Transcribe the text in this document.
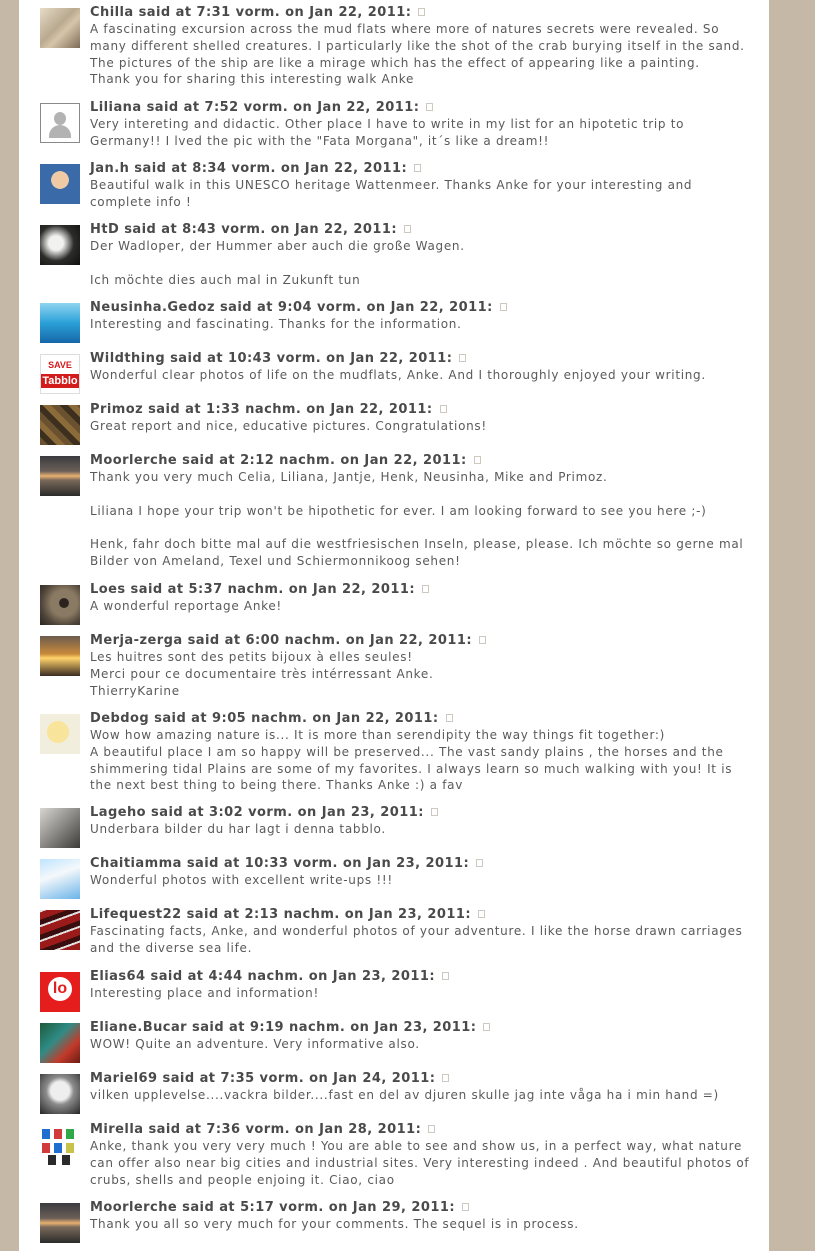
Chilla said at 7:31 vorm. on Jan 22, 2011:

A fascinating excursion across the mud flats where more of natures secrets were revealed. So many different shelled creatures. I particularly like the shot of the crab burying itself in the sand. The pictures of the ship are like a mirage which has the effect of appearing like a painting.

Thank you for sharing this interesting walk Anke

Liliana said at 7:52 vorm. on Jan 22, 2011:

Very intereting and didactic. Other place I have to write in my list for an hipotetic trip to Germany!! I lved the pic with the "Fata Morgana", it´s like a dream!!

Jan.h said at 8:34 vorm. on Jan 22, 2011:

Beautiful walk in this UNESCO heritage Wattenmeer. Thanks Anke for your interesting and complete info !

HtD said at 8:43 vorm. on Jan 22, 2011:

Der Wadloper, der Hummer aber auch die große Wagen.

Ich möchte dies auch mal in Zukunft tun

Neusinha.Gedoz said at 9:04 vorm. on Jan 22, 2011:

Interesting and fascinating. Thanks for the information.

SAVE
Tabblo
Wildthing said at 10:43 vorm. on Jan 22, 2011:

Wonderful clear photos of life on the mudflats, Anke. And I thoroughly enjoyed your writing.

Primoz said at 1:33 nachm. on Jan 22, 2011:

Great report and nice, educative pictures. Congratulations!

Moorlerche said at 2:12 nachm. on Jan 22, 2011:

Thank you very much Celia, Liliana, Jantje, Henk, Neusinha, Mike and Primoz.

Liliana I hope your trip won't be hipothetic for ever. I am looking forward to see you here ;-)

Henk, fahr doch bitte mal auf die westfriesischen Inseln, please, please. Ich möchte so gerne mal Bilder von Ameland, Texel und Schiermonnikoog sehen!

Loes said at 5:37 nachm. on Jan 22, 2011:

A wonderful reportage Anke!

Merja-zerga said at 6:00 nachm. on Jan 22, 2011:

Les huitres sont des petits bijoux à elles seules!

Merci pour ce documentaire très intérressant Anke.

ThierryKarine

Debdog said at 9:05 nachm. on Jan 22, 2011:

Wow how amazing nature is... It is more than serendipity the way things fit together:)

A beautiful place I am so happy will be preserved... The vast sandy plains , the horses and the shimmering tidal Plains are some of my favorites. I always learn so much walking with you! It is the next best thing to being there. Thanks Anke :) a fav

Lageho said at 3:02 vorm. on Jan 23, 2011:

Underbara bilder du har lagt i denna tabblo.

Chaitiamma said at 10:33 vorm. on Jan 23, 2011:

Wonderful photos with excellent write-ups !!!

Lifequest22 said at 2:13 nachm. on Jan 23, 2011:

Fascinating facts, Anke, and wonderful photos of your adventure. I like the horse drawn carriages and the diverse sea life.

lo
Elias64 said at 4:44 nachm. on Jan 23, 2011:

Interesting place and information!

Eliane.Bucar said at 9:19 nachm. on Jan 23, 2011:

WOW! Quite an adventure. Very informative also.

Mariel69 said at 7:35 vorm. on Jan 24, 2011:

vilken upplevelse....vackra bilder....fast en del av djuren skulle jag inte våga ha i min hand =)

Mirella said at 7:36 vorm. on Jan 28, 2011:

Anke, thank you very very much ! You are able to see and show us, in a perfect way, what nature can offer also near big cities and industrial sites. Very interesting indeed . And beautiful photos of crubs, shells and people enjoing it. Ciao, ciao

Moorlerche said at 5:17 vorm. on Jan 29, 2011:

Thank you all so very much for your comments. The sequel is in process.
